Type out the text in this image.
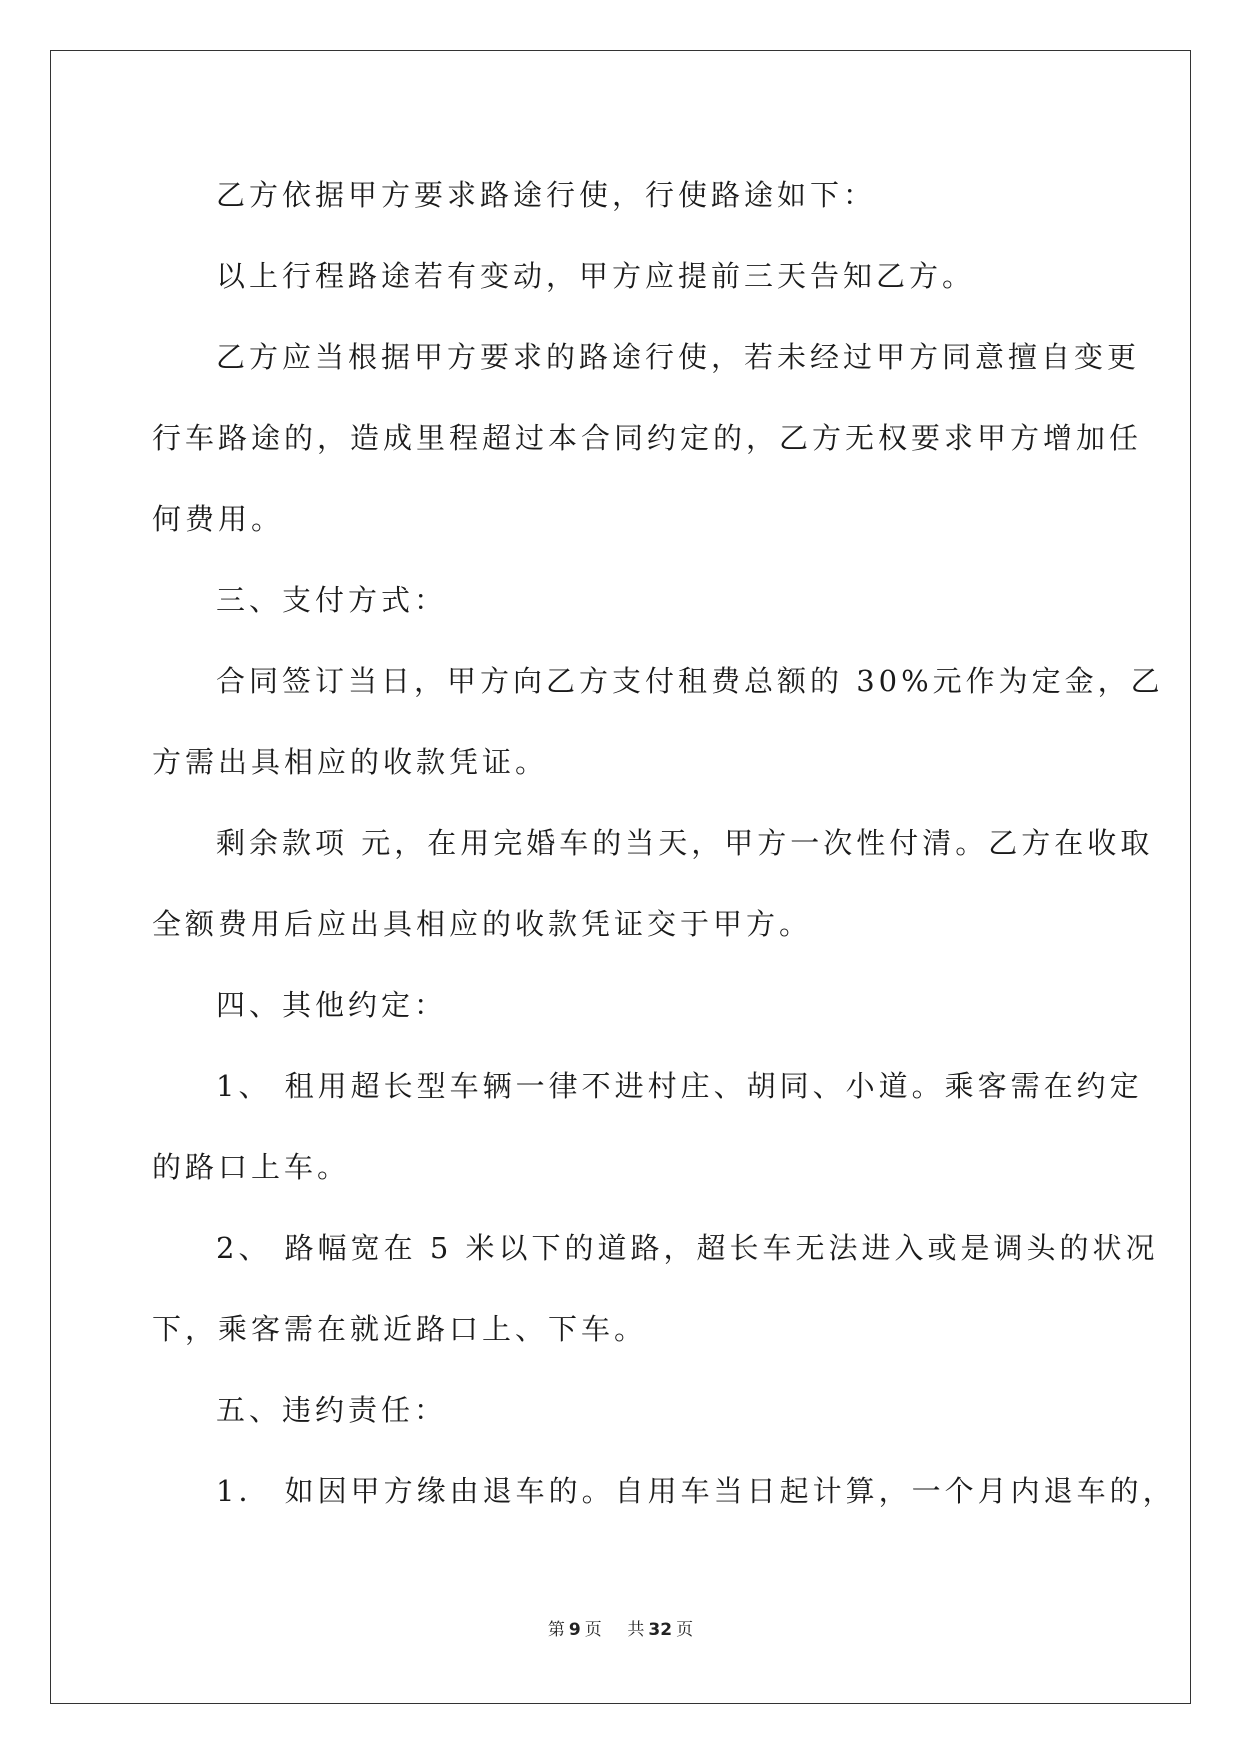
乙方依据甲方要求路途行使，行使路途如下：
以上行程路途若有变动，甲方应提前三天告知乙方。
乙方应当根据甲方要求的路途行使，若未经过甲方同意擅自变更
行车路途的，造成里程超过本合同约定的，乙方无权要求甲方增加任
何费用。
三、支付方式：
合同签订当日，甲方向乙方支付租费总额的 30%元作为定金，乙
方需出具相应的收款凭证。
剩余款项 元，在用完婚车的当天，甲方一次性付清。乙方在收取
全额费用后应出具相应的收款凭证交于甲方。
四、其他约定：
1、 租用超长型车辆一律不进村庄、胡同、小道。乘客需在约定
的路口上车。
2、 路幅宽在 5 米以下的道路，超长车无法进入或是调头的状况
下，乘客需在就近路口上、下车。
五、违约责任：
1． 如因甲方缘由退车的。自用车当日起计算，一个月内退车的，
第 9 页 共 32 页
